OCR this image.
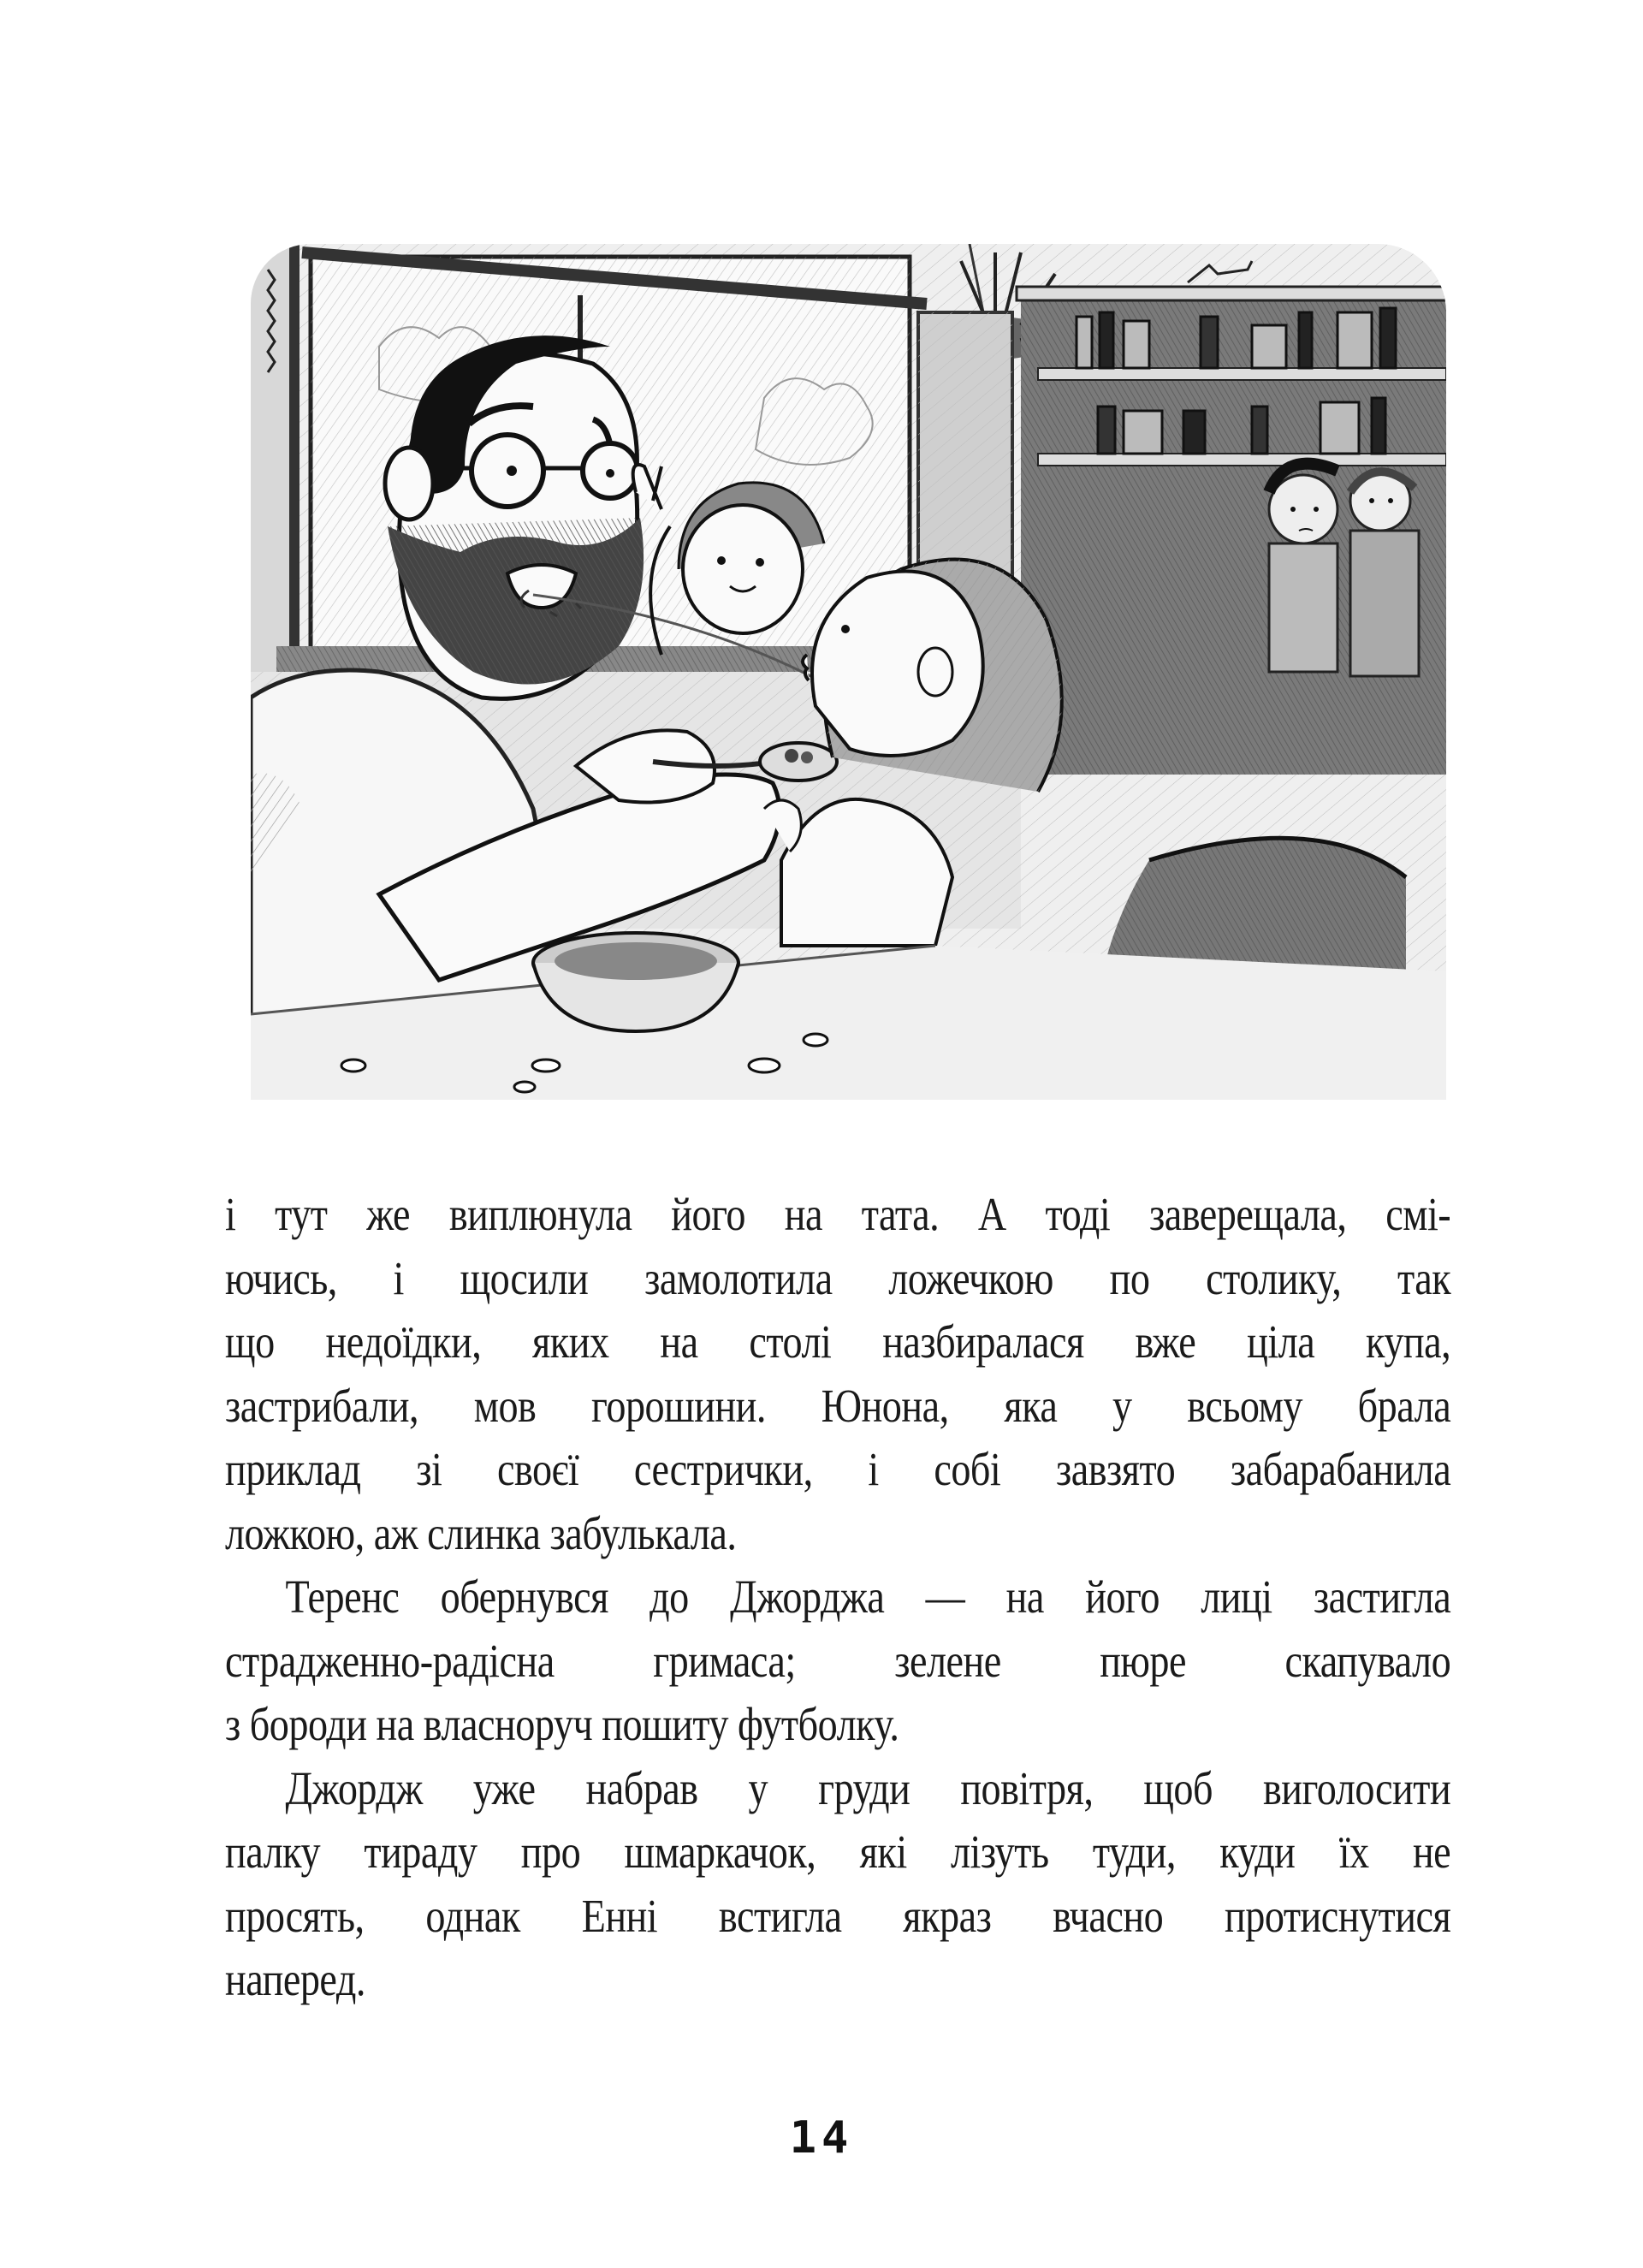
і тут же виплюнула його на тата. А тоді заверещала, смі-
ючись, і щосили замолотила ложечкою по столику, так
що недоїдки, яких на столі назбиралася вже ціла купа,
застрибали, мов горошини. Юнона, яка у всьому брала
приклад зі своєї сестрички, і собі завзято забарабанила
ложкою, аж слинка забулькала.

Теренс обернувся до Джорджа — на його лиці застигла
страдженно-радісна гримаса; зелене пюре скапувало
з бороди на власноруч пошиту футболку.

Джордж уже набрав у груди повітря, щоб виголосити
палку тираду про шмаркачок, які лізуть туди, куди їх не
просять, однак Енні встигла якраз вчасно протиснутися
наперед.

14
